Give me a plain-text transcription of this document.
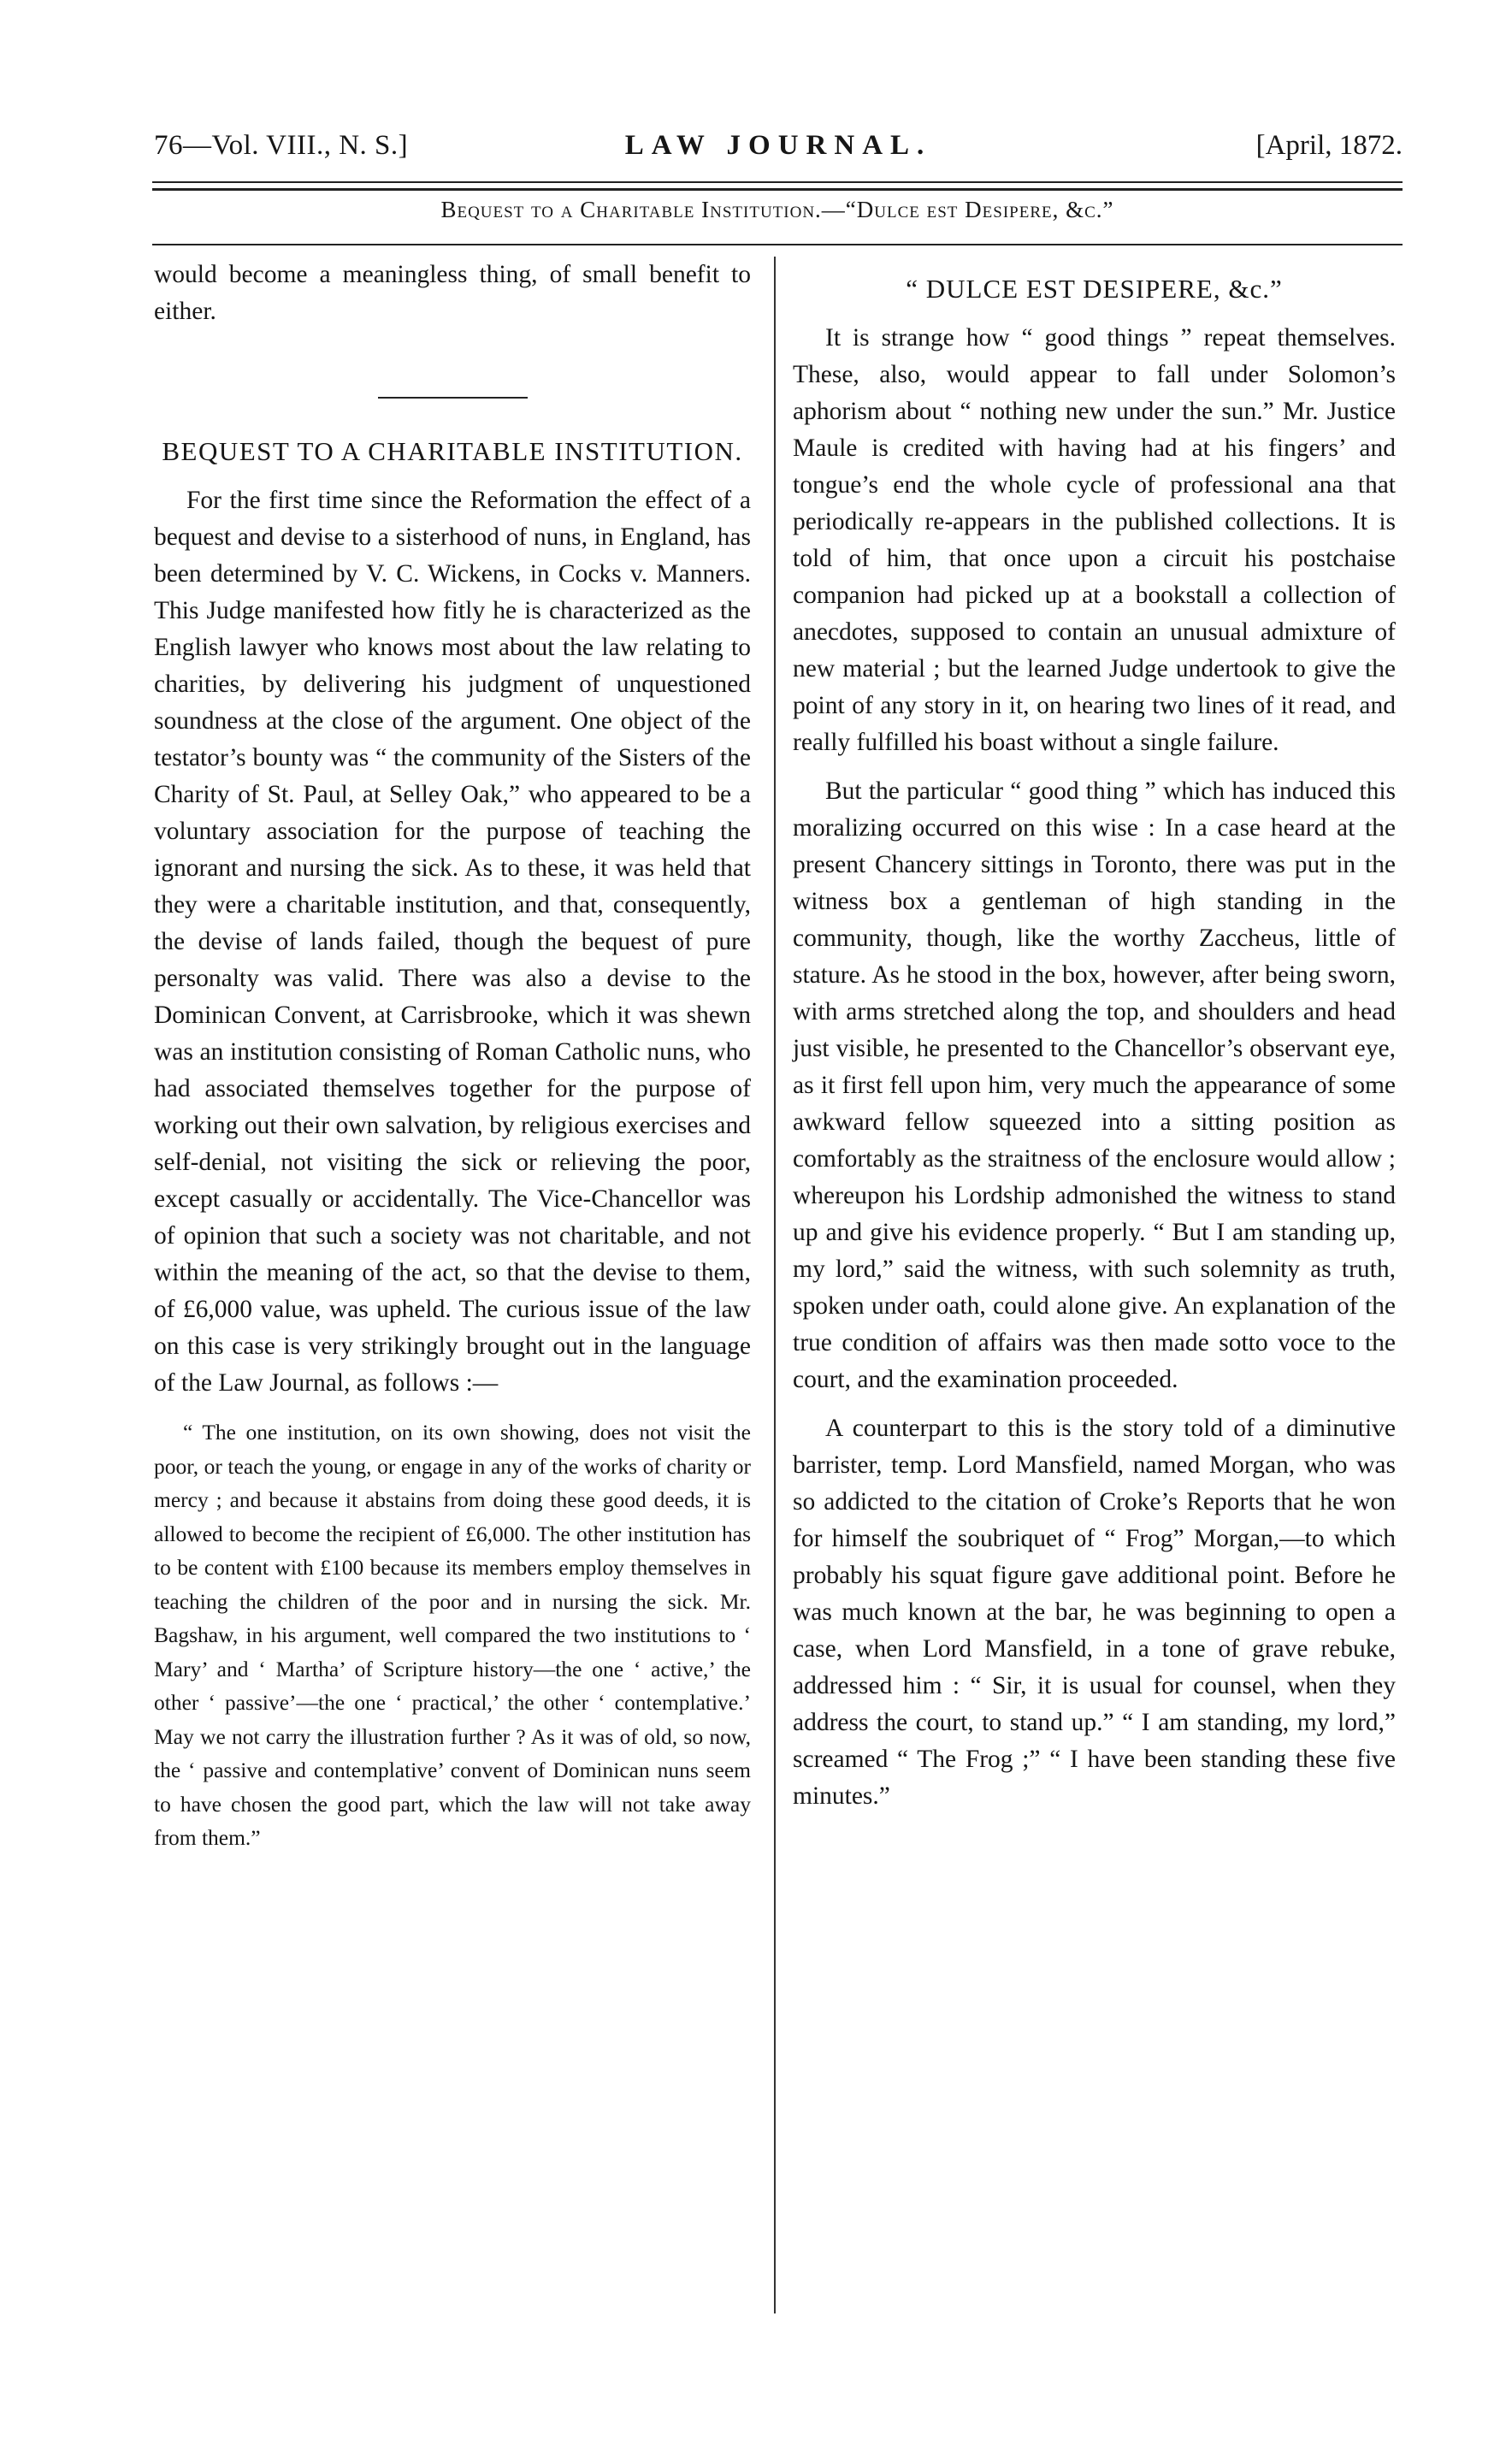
76—Vol. VIII., N. S.]	LAW JOURNAL.	[April, 1872.
Bequest to a Charitable Institution.—“Dulce est Desipere, &c.”

would become a meaningless thing, of small benefit to either.

BEQUEST TO A CHARITABLE INSTITUTION.

For the first time since the Reformation the effect of a bequest and devise to a sisterhood of nuns, in England, has been determined by V. C. Wickens, in Cocks v. Manners. This Judge manifested how fitly he is characterized as the English lawyer who knows most about the law relating to charities, by delivering his judgment of unquestioned soundness at the close of the argument. One object of the testator’s bounty was “ the community of the Sisters of the Charity of St. Paul, at Selley Oak,” who appeared to be a voluntary association for the purpose of teaching the ignorant and nursing the sick. As to these, it was held that they were a charitable institution, and that, consequently, the devise of lands failed, though the bequest of pure personalty was valid. There was also a devise to the Dominican Convent, at Carrisbrooke, which it was shewn was an institution consisting of Roman Catholic nuns, who had associated themselves together for the purpose of working out their own salvation, by religious exercises and self-denial, not visiting the sick or relieving the poor, except casually or accidentally. The Vice-Chancellor was of opinion that such a society was not charitable, and not within the meaning of the act, so that the devise to them, of £6,000 value, was upheld. The curious issue of the law on this case is very strikingly brought out in the language of the Law Journal, as follows :—

“ The one institution, on its own showing, does not visit the poor, or teach the young, or engage in any of the works of charity or mercy ; and because it abstains from doing these good deeds, it is allowed to become the recipient of £6,000. The other institution has to be content with £100 because its members employ themselves in teaching the children of the poor and in nursing the sick. Mr. Bagshaw, in his argument, well compared the two institutions to ‘ Mary’ and ‘ Martha’ of Scripture history—the one ‘ active,’ the other ‘ passive’—the one ‘ practical,’ the other ‘ contemplative.’ May we not carry the illustration further ? As it was of old, so now, the ‘ passive and contemplative’ convent of Dominican nuns seem to have chosen the good part, which the law will not take away from them.”

“ DULCE EST DESIPERE, &c.”

It is strange how “ good things ” repeat themselves. These, also, would appear to fall under Solomon’s aphorism about “ nothing new under the sun.” Mr. Justice Maule is credited with having had at his fingers’ and tongue’s end the whole cycle of professional ana that periodically re-appears in the published collections. It is told of him, that once upon a circuit his postchaise companion had picked up at a bookstall a collection of anecdotes, supposed to contain an unusual admixture of new material ; but the learned Judge undertook to give the point of any story in it, on hearing two lines of it read, and really fulfilled his boast without a single failure.

But the particular “ good thing ” which has induced this moralizing occurred on this wise : In a case heard at the present Chancery sittings in Toronto, there was put in the witness box a gentleman of high standing in the community, though, like the worthy Zaccheus, little of stature. As he stood in the box, however, after being sworn, with arms stretched along the top, and shoulders and head just visible, he presented to the Chancellor’s observant eye, as it first fell upon him, very much the appearance of some awkward fellow squeezed into a sitting position as comfortably as the straitness of the enclosure would allow ; whereupon his Lordship admonished the witness to stand up and give his evidence properly. “ But I am standing up, my lord,” said the witness, with such solemnity as truth, spoken under oath, could alone give. An explanation of the true condition of affairs was then made sotto voce to the court, and the examination proceeded.

A counterpart to this is the story told of a diminutive barrister, temp. Lord Mansfield, named Morgan, who was so addicted to the citation of Croke’s Reports that he won for himself the soubriquet of “ Frog” Morgan,—to which probably his squat figure gave additional point. Before he was much known at the bar, he was beginning to open a case, when Lord Mansfield, in a tone of grave rebuke, addressed him : “ Sir, it is usual for counsel, when they address the court, to stand up.” “ I am standing, my lord,” screamed “ The Frog ;” “ I have been standing these five minutes.”
